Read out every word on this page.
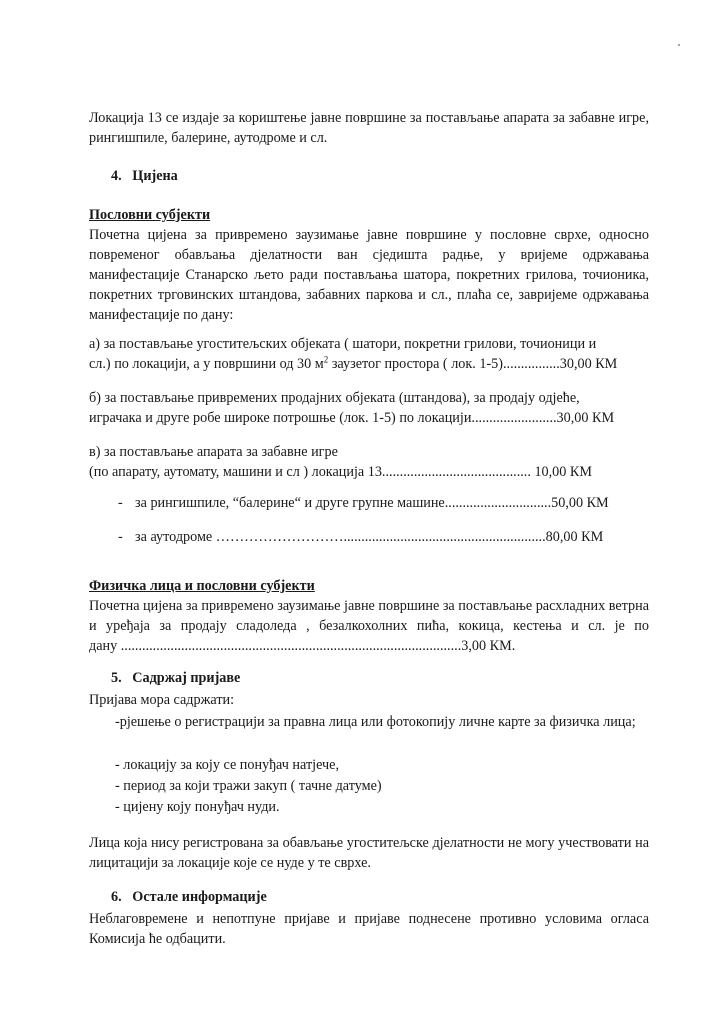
Локација 13 се издаје за кориштење јавне површине за постављање апарата за забавне игре, рингишпиле, балерине, аутодроме и сл.

4. Цијена
Пословни субјекти

Почетна цијена за привремено заузимање јавне површине у пословне сврхе, односно повременог обављања дјелатности ван сједишта радње, у вријеме одржавања манифестације Станарско љето ради постављања шатора, покретних грилова, точионика, покретних трговинских штандова, забавних паркова и сл., плаћа се, завријеме одржавања манифестације по дану:

а) за постављање угоститељских објеката ( шатори, покретни грилови, точионици и
сл.) по локацији, а у површини од 30 $м^2$ заузетог простора ( лок. 1-5)................30,00 КМ
б) за постављање привремених продајних објеката (штандова), за продају одјеће,
играчака и друге робе широке потрошње (лок. 1-5) по локацији........................30,00 КМ
в) за постављање апарата за забавне игре
(по апарату, аутомату, машини и сл ) локација 13.......................................... 10,00 КМ
- за рингишпиле, “балерине“ и друге групне машине..............................50,00 КМ
- за аутодроме ……………………….........................................................80,00 КМ
Физичка лица и пословни субјекти

Почетна цијена за привремено заузимање јавне површине за постављање расхладних ветрна и уређаја за продају сладоледа , безалкохолних пића, кокица, кестења и сл. је по

дану ................................................................................................3,00 КМ.
5. Садржај пријаве
Пријава мора садржати:

-рјешење о регистрацији за правна лица или фотокопију личне карте за физичка лица;

- локацију за коју се понуђач натјече,
- период за који тражи закуп ( тачне датуме)
- цијену коју понуђач нуди.

Лица која нису регистрована за обављање угоститељске дјелатности не могу учествовати на лицитацији за локације које се нуде у те сврхе.

6. Остале информације

Неблаговремене и непотпуне пријаве и пријаве поднесене противно условима огласа Комисија ће одбацити.
